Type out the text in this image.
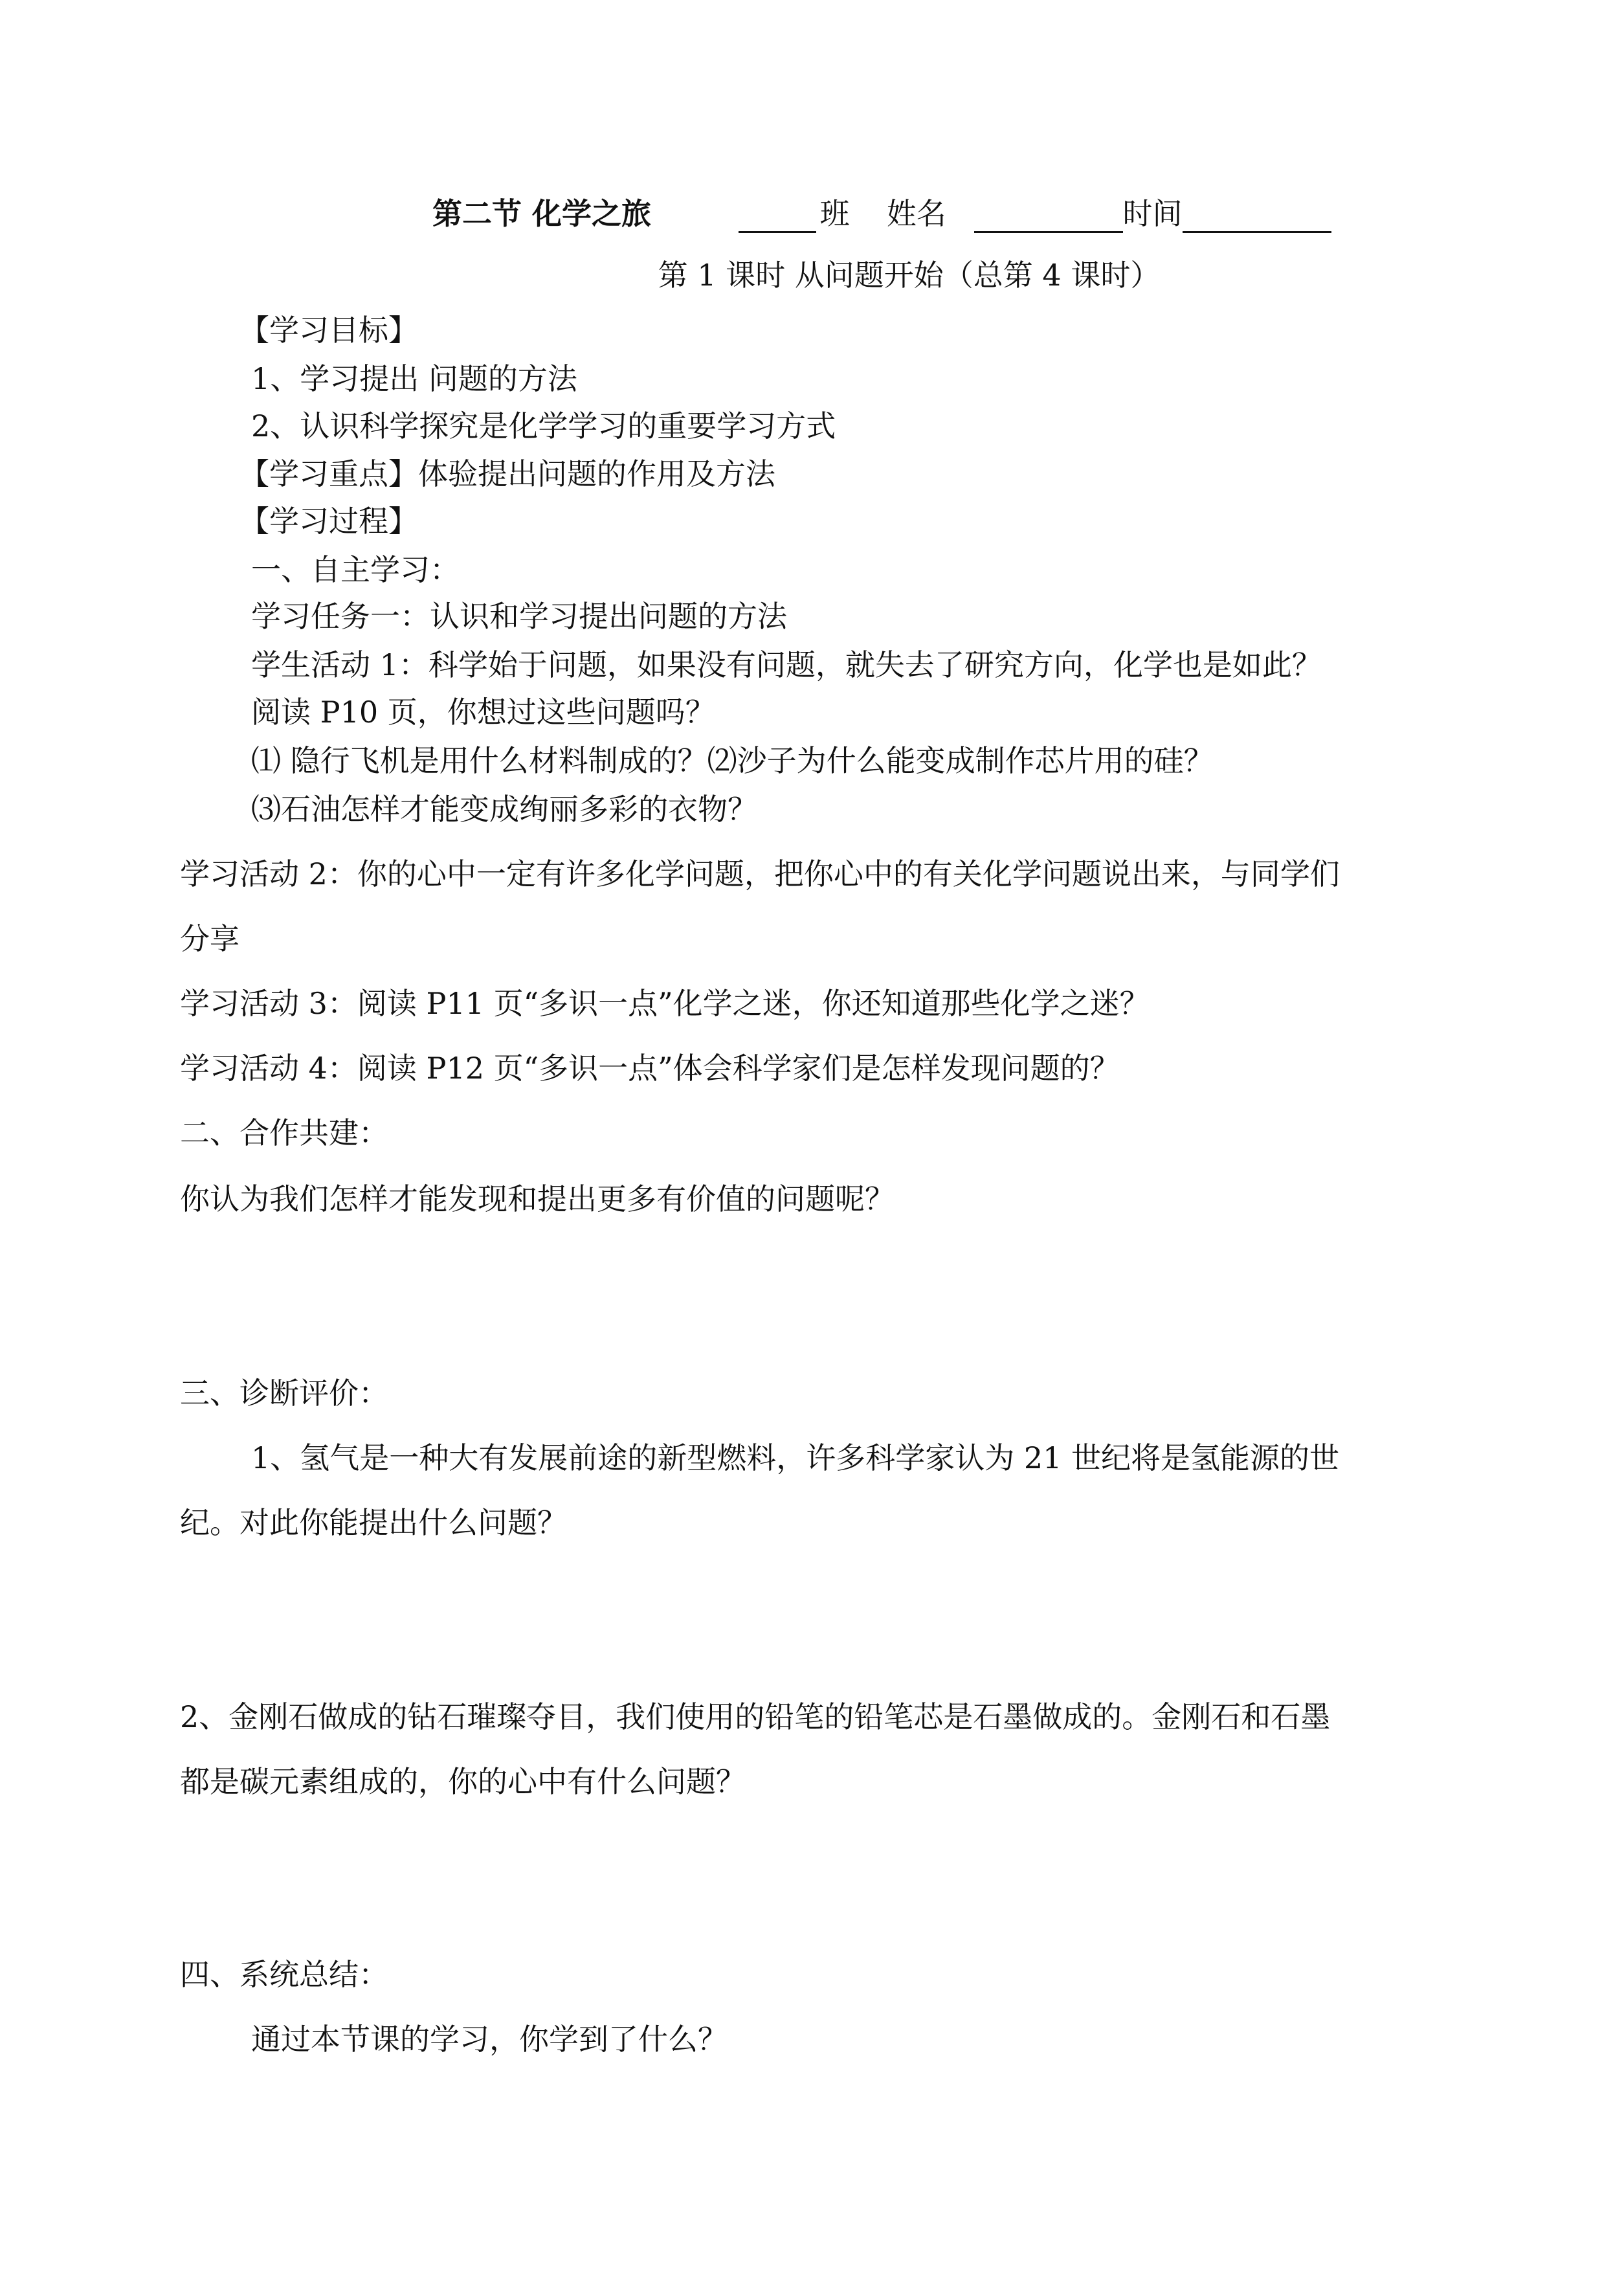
第二节 化学之旅	班 姓名	时间
第 1 课时 从问题开始（总第 4 课时）
【学习目标】
1、学习提出 问题的方法
2、认识科学探究是化学学习的重要学习方式
【学习重点】体验提出问题的作用及方法
【学习过程】
一、自主学习：
学习任务一：认识和学习提出问题的方法
学生活动 1：科学始于问题，如果没有问题，就失去了研究方向，化学也是如此？
阅读 P10 页，你想过这些问题吗？
⑴ 隐行飞机是用什么材料制成的？⑵沙子为什么能变成制作芯片用的硅？
⑶石油怎样才能变成绚丽多彩的衣物？
学习活动 2：你的心中一定有许多化学问题，把你心中的有关化学问题说出来，与同学们
分享
学习活动 3：阅读 P11 页“多识一点”化学之迷，你还知道那些化学之迷？
学习活动 4：阅读 P12 页“多识一点”体会科学家们是怎样发现问题的？
二、合作共建：
你认为我们怎样才能发现和提出更多有价值的问题呢？
三、诊断评价：
1、氢气是一种大有发展前途的新型燃料，许多科学家认为 21 世纪将是氢能源的世
纪。对此你能提出什么问题？
2、金刚石做成的钻石璀璨夺目，我们使用的铅笔的铅笔芯是石墨做成的。金刚石和石墨
都是碳元素组成的，你的心中有什么问题？
四、系统总结：
通过本节课的学习，你学到了什么？
